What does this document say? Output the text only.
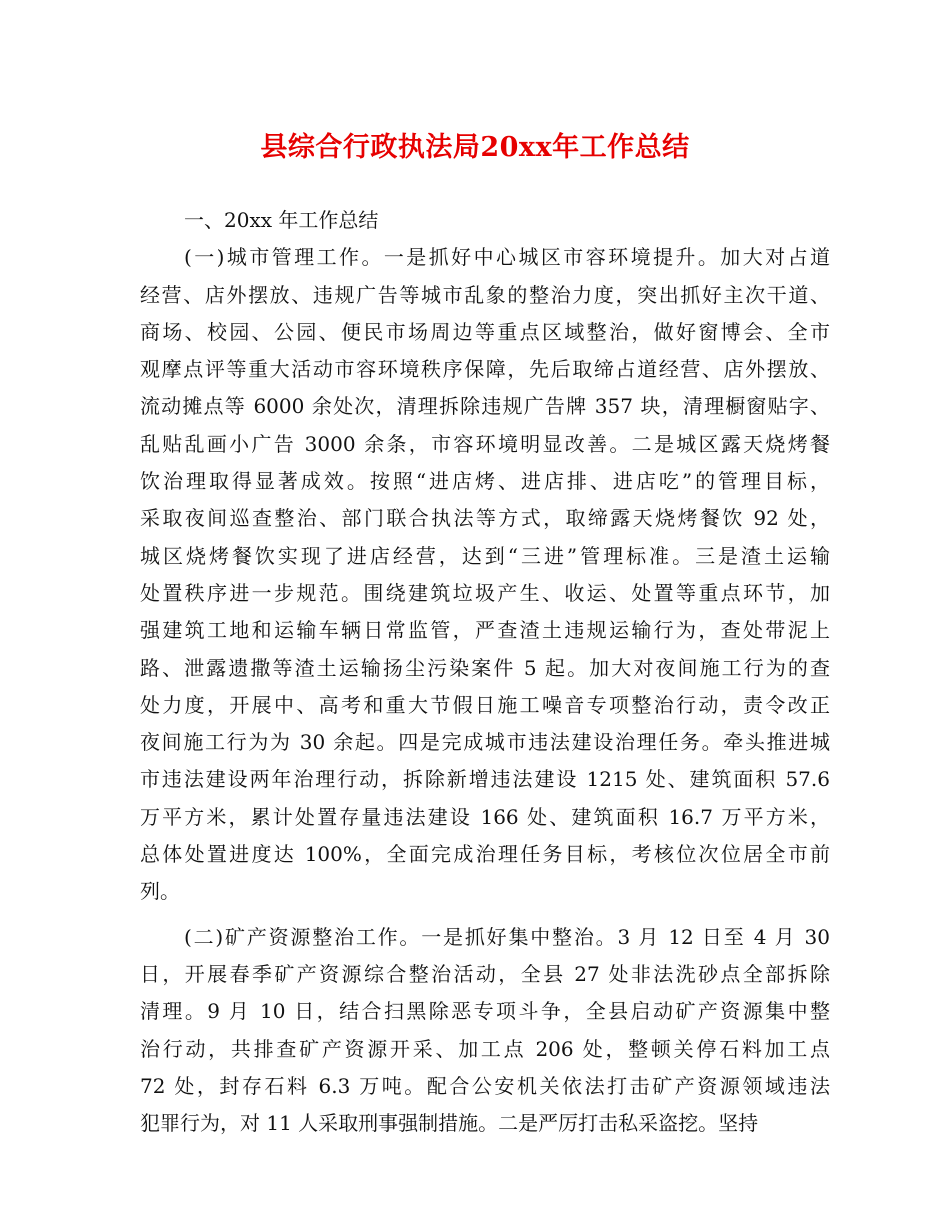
县综合行政执法局20xx年工作总结
一、20xx 年工作总结
(一)城市管理工作。一是抓好中心城区市容环境提升。加大对占道
经营、店外摆放、违规广告等城市乱象的整治力度，突出抓好主次干道、
商场、校园、公园、便民市场周边等重点区域整治，做好窗博会、全市
观摩点评等重大活动市容环境秩序保障，先后取缔占道经营、店外摆放、
流动摊点等 6000 余处次，清理拆除违规广告牌 357 块，清理橱窗贴字、
乱贴乱画小广告 3000 余条，市容环境明显改善。二是城区露天烧烤餐
饮治理取得显著成效。按照“进店烤、进店排、进店吃”的管理目标，
采取夜间巡查整治、部门联合执法等方式，取缔露天烧烤餐饮 92 处，
城区烧烤餐饮实现了进店经营，达到“三进”管理标准。三是渣土运输
处置秩序进一步规范。围绕建筑垃圾产生、收运、处置等重点环节，加
强建筑工地和运输车辆日常监管，严查渣土违规运输行为，查处带泥上
路、泄露遗撒等渣土运输扬尘污染案件 5 起。加大对夜间施工行为的查
处力度，开展中、高考和重大节假日施工噪音专项整治行动，责令改正
夜间施工行为为 30 余起。四是完成城市违法建设治理任务。牵头推进城
市违法建设两年治理行动，拆除新增违法建设 1215 处、建筑面积 57.6
万平方米，累计处置存量违法建设 166 处、建筑面积 16.7 万平方米，
总体处置进度达 100%，全面完成治理任务目标，考核位次位居全市前
列。
(二)矿产资源整治工作。一是抓好集中整治。3 月 12 日至 4 月 30
日，开展春季矿产资源综合整治活动，全县 27 处非法洗砂点全部拆除
清理。9 月 10 日，结合扫黑除恶专项斗争，全县启动矿产资源集中整
治行动，共排查矿产资源开采、加工点 206 处，整顿关停石料加工点
72 处，封存石料 6.3 万吨。配合公安机关依法打击矿产资源领域违法
犯罪行为，对 11 人采取刑事强制措施。二是严厉打击私采盗挖。坚持
